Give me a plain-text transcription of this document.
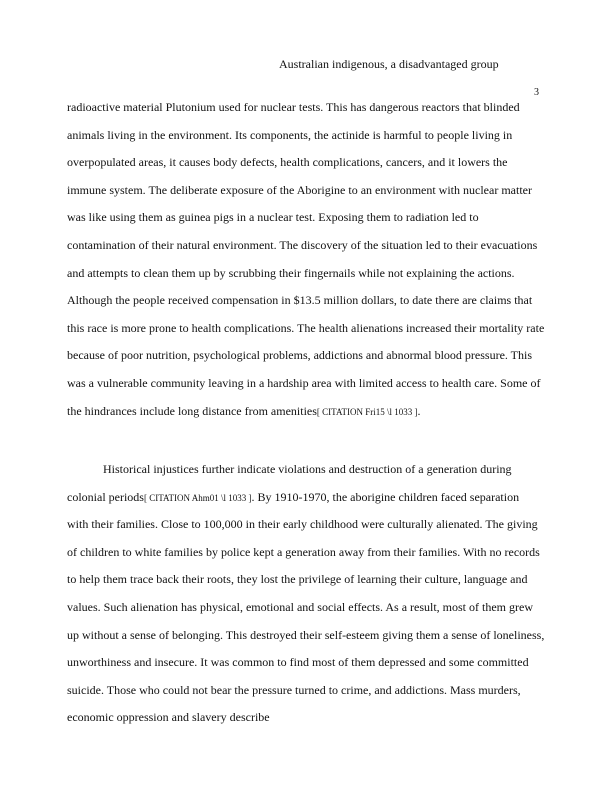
Australian indigenous, a disadvantaged group
3
radioactive material Plutonium used for nuclear tests. This has dangerous reactors that blinded
animals living in the environment. Its components, the actinide is harmful to people living in
overpopulated areas, it causes body defects, health complications, cancers, and it lowers the
immune system. The deliberate exposure of the Aborigine to an environment with nuclear matter
was like using them as guinea pigs in a nuclear test. Exposing them to radiation led to
contamination of their natural environment. The discovery of the situation led to their evacuations
and attempts to clean them up by scrubbing their fingernails while not explaining the actions.
Although the people received compensation in $13.5 million dollars, to date there are claims that
this race is more prone to health complications. The health alienations increased their mortality rate
because of poor nutrition, psychological problems, addictions and abnormal blood pressure. This
was a vulnerable community leaving in a hardship area with limited access to health care. Some of
the hindrances include long distance from amenities[ CITATION Fri15 \l 1033 ].
Historical injustices further indicate violations and destruction of a generation during
colonial periods[ CITATION Ahm01 \l 1033 ]. By 1910-1970, the aborigine children faced separation
with their families. Close to 100,000 in their early childhood were culturally alienated. The giving
of children to white families by police kept a generation away from their families. With no records
to help them trace back their roots, they lost the privilege of learning their culture, language and
values. Such alienation has physical, emotional and social effects. As a result, most of them grew
up without a sense of belonging. This destroyed their self-esteem giving them a sense of loneliness,
unworthiness and insecure. It was common to find most of them depressed and some committed
suicide. Those who could not bear the pressure turned to crime, and addictions. Mass murders,
economic oppression and slavery describe
